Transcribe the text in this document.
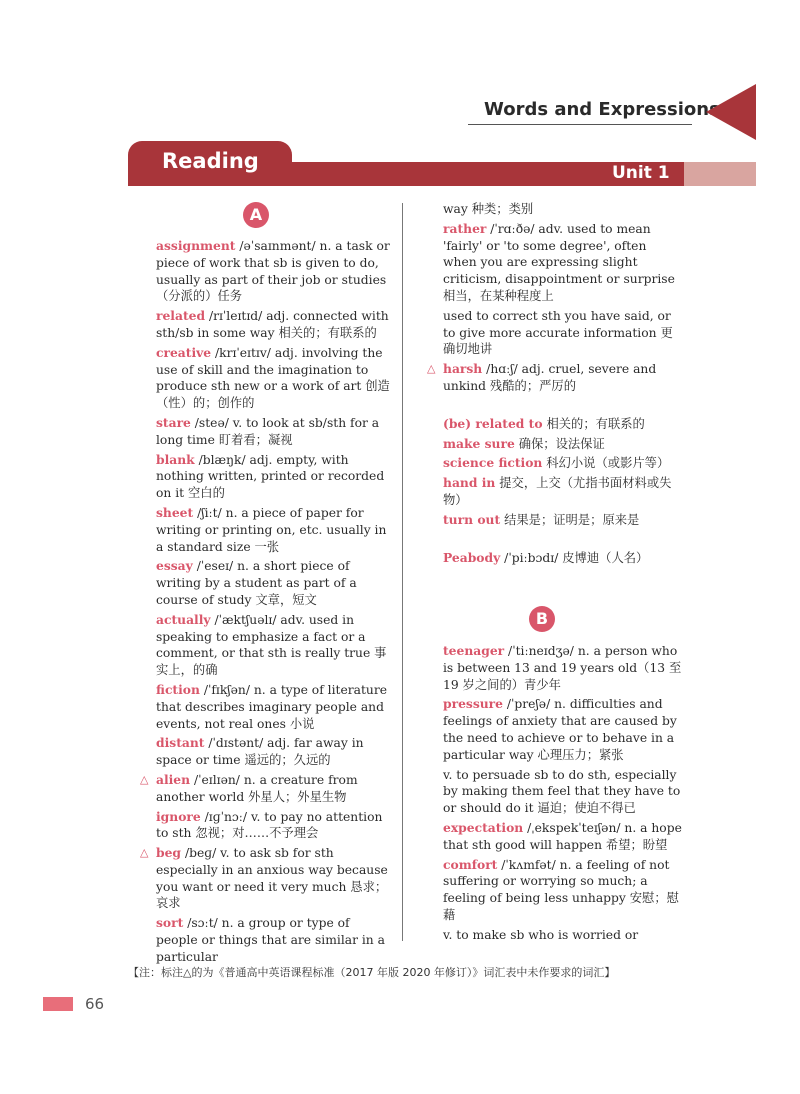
Words and Expressions
Reading	Unit 1
A
assignment /əˈsaɪnmənt/ n. a task or piece of work that sb is given to do, usually as part of their job or studies（分派的）任务
related /rɪˈleɪtɪd/ adj. connected with sth/sb in some way 相关的；有联系的
creative /krɪˈeɪtɪv/ adj. involving the use of skill and the imagination to produce sth new or a work of art 创造（性）的；创作的
stare /steə/ v. to look at sb/sth for a long time 盯着看；凝视
blank /blæŋk/ adj. empty, with nothing written, printed or recorded on it 空白的
sheet /ʃiːt/ n. a piece of paper for writing or printing on, etc. usually in a standard size 一张
essay /ˈeseɪ/ n. a short piece of writing by a student as part of a course of study 文章，短文
actually /ˈæktʃuəlɪ/ adv. used in speaking to emphasize a fact or a comment, or that sth is really true 事实上，的确
fiction /ˈfɪkʃən/ n. a type of literature that describes imaginary people and events, not real ones 小说
distant /ˈdɪstənt/ adj. far away in space or time 遥远的；久远的
△ alien /ˈeɪlɪən/ n. a creature from another world 外星人；外星生物
ignore /ɪɡˈnɔː/ v. to pay no attention to sth 忽视；对……不予理会
△ beg /beɡ/ v. to ask sb for sth especially in an anxious way because you want or need it very much 恳求；哀求
sort /sɔːt/ n. a group or type of people or things that are similar in a particular
way 种类；类别
rather /ˈrɑːðə/ adv. used to mean 'fairly' or 'to some degree', often when you are expressing slight criticism, disappointment or surprise 相当，在某种程度上
used to correct sth you have said, or to give more accurate information 更确切地讲
△ harsh /hɑːʃ/ adj. cruel, severe and unkind 残酷的；严厉的
(be) related to 相关的；有联系的
make sure 确保；设法保证
science fiction 科幻小说（或影片等）
hand in 提交，上交（尤指书面材料或失物）
turn out 结果是；证明是；原来是
Peabody /ˈpiːbɔdɪ/ 皮博迪（人名）
B
teenager /ˈtiːneɪdʒə/ n. a person who is between 13 and 19 years old（13 至 19 岁之间的）青少年
pressure /ˈpreʃə/ n. difficulties and feelings of anxiety that are caused by the need to achieve or to behave in a particular way 心理压力；紧张
v. to persuade sb to do sth, especially by making them feel that they have to or should do it 逼迫；使迫不得已
expectation /ˌekspekˈteɪʃən/ n. a hope that sth good will happen 希望；盼望
comfort /ˈkʌmfət/ n. a feeling of not suffering or worrying so much; a feeling of being less unhappy 安慰；慰藉
v. to make sb who is worried or
【注：标注△的为《普通高中英语课程标准（2017 年版 2020 年修订）》词汇表中未作要求的词汇】
66
